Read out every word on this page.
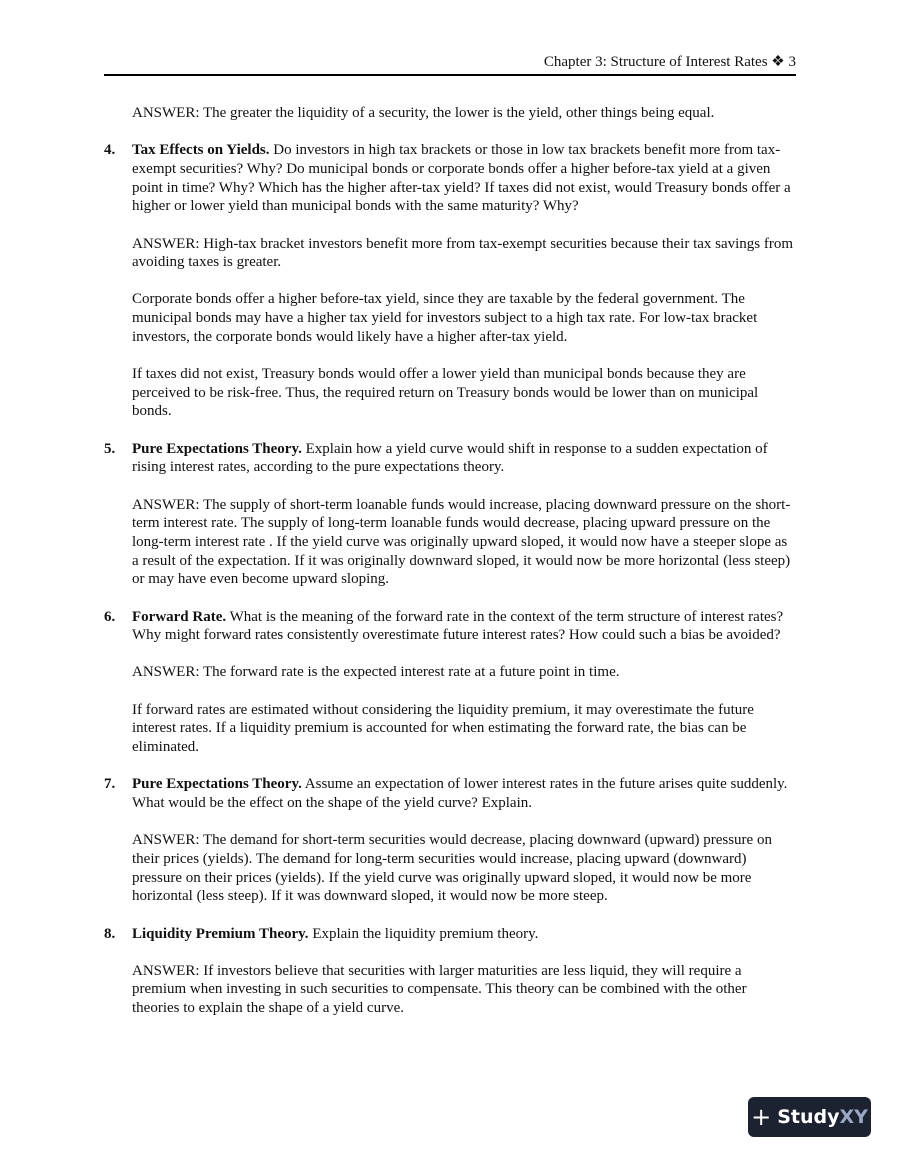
Chapter 3: Structure of Interest Rates ❖ 3

ANSWER: The greater the liquidity of a security, the lower is the yield, other things being equal.

4.	Tax Effects on Yields. Do investors in high tax brackets or those in low tax brackets benefit more from tax-exempt securities? Why? Do municipal bonds or corporate bonds offer a higher before-tax yield at a given point in time? Why? Which has the higher after-tax yield? If taxes did not exist, would Treasury bonds offer a higher or lower yield than municipal bonds with the same maturity? Why?

ANSWER: High-tax bracket investors benefit more from tax-exempt securities because their tax savings from avoiding taxes is greater.

Corporate bonds offer a higher before-tax yield, since they are taxable by the federal government. The municipal bonds may have a higher tax yield for investors subject to a high tax rate. For low-tax bracket investors, the corporate bonds would likely have a higher after-tax yield.

If taxes did not exist, Treasury bonds would offer a lower yield than municipal bonds because they are perceived to be risk-free. Thus, the required return on Treasury bonds would be lower than on municipal bonds.

5.	Pure Expectations Theory. Explain how a yield curve would shift in response to a sudden expectation of rising interest rates, according to the pure expectations theory.

ANSWER: The supply of short-term loanable funds would increase, placing downward pressure on the short-term interest rate. The supply of long-term loanable funds would decrease, placing upward pressure on the long-term interest rate . If the yield curve was originally upward sloped, it would now have a steeper slope as a result of the expectation. If it was originally downward sloped, it would now be more horizontal (less steep) or may have even become upward sloping.

6.	Forward Rate. What is the meaning of the forward rate in the context of the term structure of interest rates? Why might forward rates consistently overestimate future interest rates? How could such a bias be avoided?

ANSWER: The forward rate is the expected interest rate at a future point in time.

If forward rates are estimated without considering the liquidity premium, it may overestimate the future interest rates. If a liquidity premium is accounted for when estimating the forward rate, the bias can be eliminated.

7.	Pure Expectations Theory. Assume an expectation of lower interest rates in the future arises quite suddenly. What would be the effect on the shape of the yield curve? Explain.

ANSWER: The demand for short-term securities would decrease, placing downward (upward) pressure on their prices (yields). The demand for long-term securities would increase, placing upward (downward) pressure on their prices (yields). If the yield curve was originally upward sloped, it would now be more horizontal (less steep). If it was downward sloped, it would now be more steep.

8.	Liquidity Premium Theory. Explain the liquidity premium theory.

ANSWER: If investors believe that securities with larger maturities are less liquid, they will require a premium when investing in such securities to compensate. This theory can be combined with the other theories to explain the shape of a yield curve.

+ Study XY
